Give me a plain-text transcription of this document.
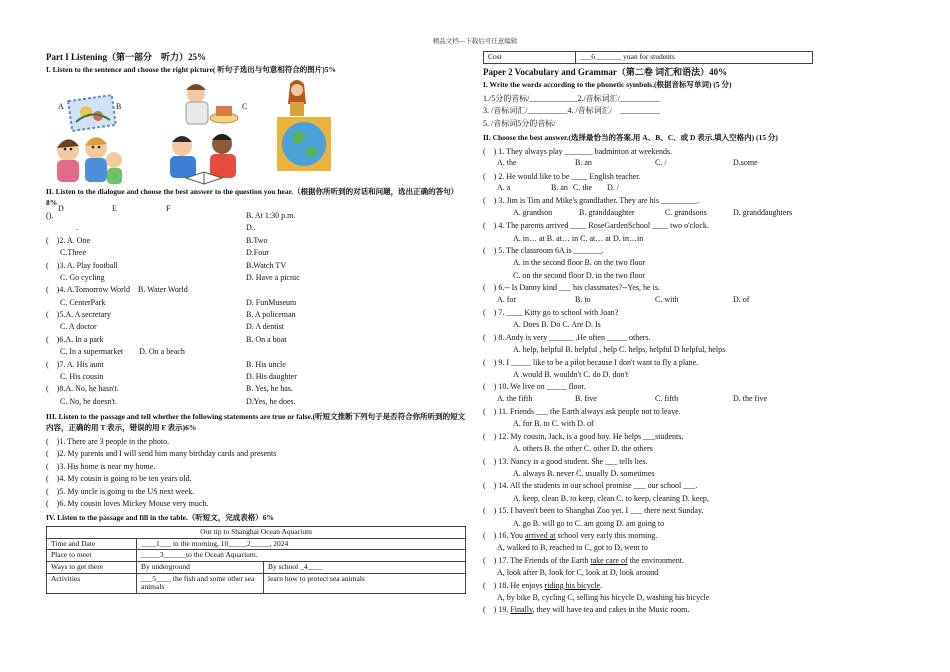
精品文档---下载后可任意编辑
Part I Listening（第一部分　听力）25%
I. Listen to the sentence and choose the right picture( 听句子选出与句意相符合的图片)5%
A	B	C
D	E	F
II. Listen to the dialogue and choose the best answer to the question you hear.（根据你所听到的对话和问题，选出正确的答句）8%
().	B. At 1:30 p.m.
.	D..
(　)2. A. One	B.Two
C.Three	D.Four
(　)3. A. Play football	B.Watch TV
C. Go cycling	D. Have a picnic
(　)4. A.Tomorrow World　B. Water World
C. CenterPark	D. FunMuseum
(　)5.A. A secretary	B. A policeman
C. A doctor	D. A dentist
(　)6.A. In a park	B. On a boat
C. In a supermarket　　D. On a beach
(　)7. A. His aunt	B. His uncle
C. His cousin	D. His daughter
(　)8.A. No, he hasn't.	B. Yes, he has.
C. No, he doesn't.	D.Yes, he does.
III. Listen to the passage and tell whether the following statements are true or false.(听短文推断下列句子是否符合你所听到的短文内容，正确的用 T 表示，错误的用 F 表示)6%
(　)1. There are 3 people in the photo.
(　)2. My parents and I will send him many birthday cards and presents
(　)3. His home is near my home.
(　)4. My cousin is going to be ten years old.
(　)5. My uncle is going to the US next week.
(　)6. My cousin loves Mickey Mouse very much.
IV. Listen to the passage and fill in the table.（听短文，完成表格）6%
Our tip to Shanghai Ocean Aquarium		
Time and Date	____1___ in the morning, 10_____2_____, 2024	
Place to meet	_____3______to the Ocean Aquarium.	
Ways to get there	By underground	By school _4____
Activities	___5____ the fish and some other sea animals	learn how to protect sea animals
Cost	___6_______ yuan for students
Paper 2 Vocabulary and Grammar（第二卷 词汇和语法）40%
I. Write the words according to the phonetic symbols.(根据音标写单词) (5 分)
1./5分的音标/____________2./音标词汇/__________
3. /音标词汇/__________4. /音标词汇/　__________
5. /音标词5分的音标/
II. Choose the best answer.(选择最恰当的答案,用 A、B、C、或 D 表示,填入空格内) (15 分)
(　) 1. They always play _______ badminton at weekends.
A. the	B. an	C. /	D.some
(　) 2. He would like to be ____ English teacher.
A. a	B. an C. the D. /
(　) 3. Jim is Tim and Mike's grandfather. They are his _________.
A. grandson	B. granddaughter	C. grandsons	D. granddaughters
(　) 4. The parents arrived ____ RoseGardenSchool ____ two o'clock.
A. in… at B. at… in C. at… at D. in…in
(　) 5. The classroom 6A is _______.
A. in the second floor B. on the two floor
C. on the second floor D. in the two floor
(　) 6.-- Is Danny kind ___ his classmates?--Yes, he is.
A. for	B. to	C. with	D. of
(　) 7. ____ Kitty go to school with Joan?
A. Does B. Do C. Are D. Is
(　) 8. Andy is very ______ .He often _____ others.
A. help, helpful B. helpful , help C. helps, helpful D helpful, helps
(　) 9. I _____ like to be a pilot because I don't want to fly a plane.
A .would B. wouldn't C. do D. don't
(　) 10. We live on _____ floor.
A. the fifth	B. five	C. fifth	D. the five
(　) 11. Friends ___ the Earth always ask people not to leave.
A. for B. to C. with D. of
(　) 12. My cousin, Jack, is a good boy. He helps ___students.
A. others B. the other C. other D. the others
(　) 13. Nancy is a good student. She ___ tells lies.
A. always B. never C. usually D. sometimes
(　) 14. All the students in our school promise ___ our school ___.
A. keep, clean B. to keep, clean C. to keep, cleaning D. keep,
(　) 15. I haven't been to Shanghai Zoo yet. I ___ there next Sunday.
A. go B. will go to C. am going D. am going to
(　) 16. You arrived at school very early this morning.
A, walked to B, reached to C, got to D, went to
(　) 17. The Friends of the Earth take care of the environment.
A, look after B, look for C, look at D, look around
(　) 18. He enjoys riding his bicycle.
A, by bike B, cycling C, selling his bicycle D, washing his bicycle
(　) 19. Finally, they will have tea and cakes in the Music room.
